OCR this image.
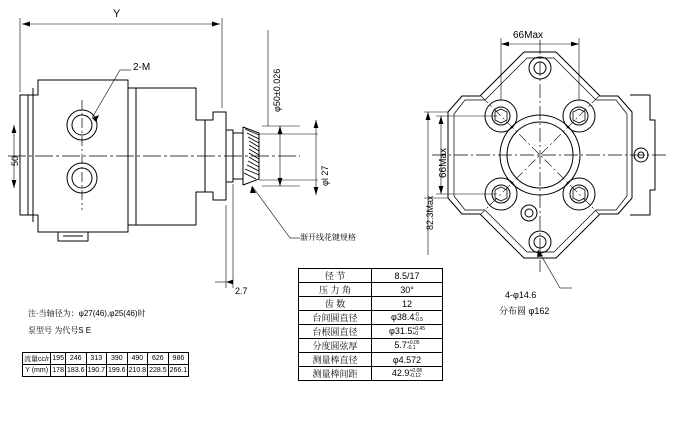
Y
2-M
50
φ50±0.026
φl 27
2.7
渐开线花键规格
66Max
66Max
82.3Max
4-φ14.6
分布圆 φ162
注·当轴径为：φ27(46),φ25(46)时
泵型号 为代号S E
流量cc/r	195	246	313	390	490	626	986
Y (mm)	178	183.6	190.7	199.6	210.8	228.5	266.1
径 节	8.5/17
压 力 角	30°
齿 数	12
台间圆直径	φ38.4-0
-0.5
台根圆直径	φ31.5+0.45
+0
分度圆弦厚	5.7+0.05
-0.1
测量棒直径	φ4.572
测量棒间距	42.9+0.08
-0.12
